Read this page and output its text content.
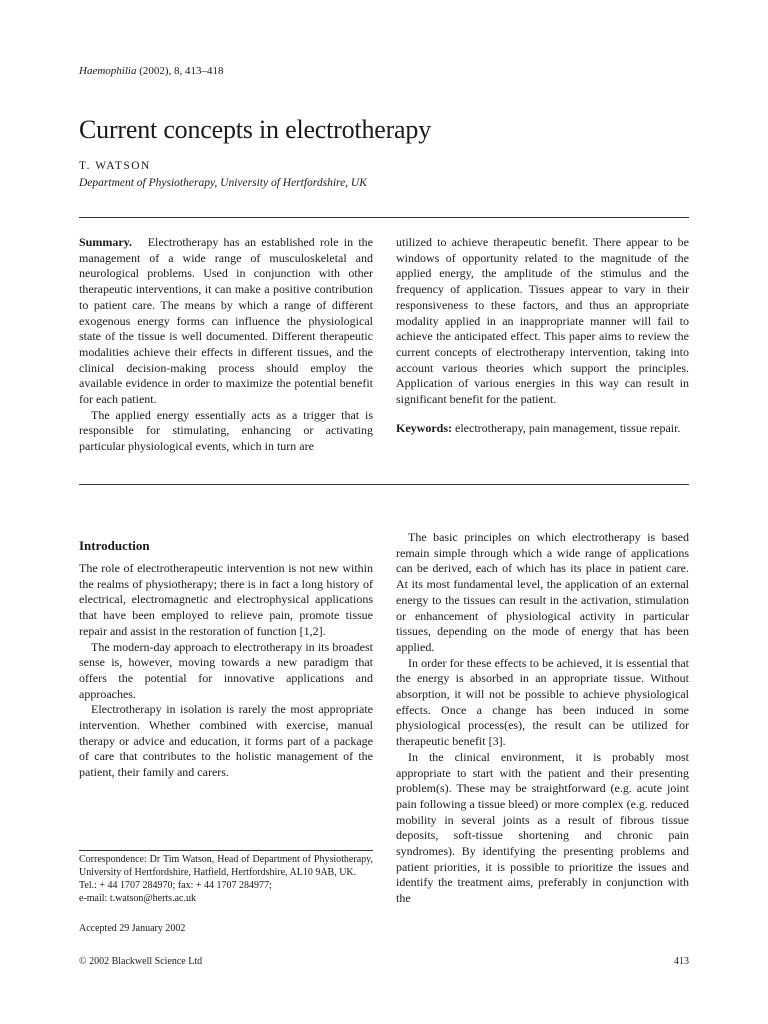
Haemophilia (2002), 8, 413–418
Current concepts in electrotherapy
T. WATSON
Department of Physiotherapy, University of Hertfordshire, UK

Summary. Electrotherapy has an established role in the management of a wide range of musculoskeletal and neurological problems. Used in conjunction with other therapeutic interventions, it can make a positive contribution to patient care. The means by which a range of different exogenous energy forms can influence the physiological state of the tissue is well documented. Different therapeutic modalities achieve their effects in different tissues, and the clinical decision-making process should employ the available evidence in order to maximize the potential benefit for each patient.

The applied energy essentially acts as a trigger that is responsible for stimulating, enhancing or activating particular physiological events, which in turn are

utilized to achieve therapeutic benefit. There appear to be windows of opportunity related to the magnitude of the applied energy, the amplitude of the stimulus and the frequency of application. Tissues appear to vary in their responsiveness to these factors, and thus an appropriate modality applied in an inappropriate manner will fail to achieve the anticipated effect. This paper aims to review the current concepts of electrotherapy intervention, taking into account various theories which support the principles. Application of various energies in this way can result in significant benefit for the patient.

Keywords: electrotherapy, pain management, tissue repair.

Introduction

The role of electrotherapeutic intervention is not new within the realms of physiotherapy; there is in fact a long history of electrical, electromagnetic and electrophysical applications that have been employed to relieve pain, promote tissue repair and assist in the restoration of function [1,2].

The modern-day approach to electrotherapy in its broadest sense is, however, moving towards a new paradigm that offers the potential for innovative applications and approaches.

Electrotherapy in isolation is rarely the most appropriate intervention. Whether combined with exercise, manual therapy or advice and education, it forms part of a package of care that contributes to the holistic management of the patient, their family and carers.

The basic principles on which electrotherapy is based remain simple through which a wide range of applications can be derived, each of which has its place in patient care. At its most fundamental level, the application of an external energy to the tissues can result in the activation, stimulation or enhancement of physiological activity in particular tissues, depending on the mode of energy that has been applied.

In order for these effects to be achieved, it is essential that the energy is absorbed in an appropriate tissue. Without absorption, it will not be possible to achieve physiological effects. Once a change has been induced in some physiological process(es), the result can be utilized for therapeutic benefit [3].

In the clinical environment, it is probably most appropriate to start with the patient and their presenting problem(s). These may be straightforward (e.g. acute joint pain following a tissue bleed) or more complex (e.g. reduced mobility in several joints as a result of fibrous tissue deposits, soft-tissue shortening and chronic pain syndromes). By identifying the presenting problems and patient priorities, it is possible to prioritize the issues and identify the treatment aims, preferably in conjunction with the

Correspondence: Dr Tim Watson, Head of Department of Physiotherapy, University of Hertfordshire, Hatfield, Hertfordshire, AL10 9AB, UK.
Tel.: + 44 1707 284970; fax: + 44 1707 284977;
e-mail: t.watson@herts.ac.uk
Accepted 29 January 2002
© 2002 Blackwell Science Ltd	413
